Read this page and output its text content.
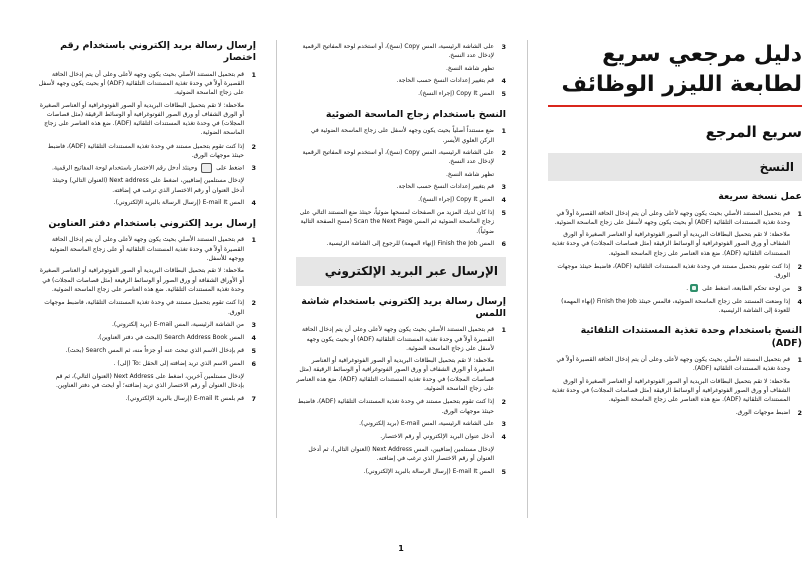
دليل مرجعي سريع لطابعة الليزر الوظائف
سريع المرجع
النسخ
عمل نسخة سريعة
1
قم بتحميل المستند الأصلي بحيث يكون وجهه لأعلى وعلى أن يتم إدخال الحافة القصيرة أولاً في وحدة تغذية المستندات التلقائية (ADF) أو بحيث يكون وجهه لأسفل على زجاج الماسحة الضوئية.
ملاحظة: لا تقم بتحميل البطاقات البريدية أو الصور الفوتوغرافية أو العناصر الصغيرة أو الورق الشفاف أو ورق الصور الفوتوغرافية أو الوسائط الرقيقة (مثل قصاصات المجلات) في وحدة تغذية المستندات التلقائية (ADF). ضع هذه العناصر على زجاج الماسحة الضوئية.
2
إذا كنت تقوم بتحميل مستند في وحدة تغذية المستندات التلقائية (ADF)، فاضبط حينئذ موجهات الورق.
3
من لوحة تحكم الطابعة، اضغط على .
4
إذا وضعت المستند على زجاج الماسحة الضوئية، فالمس حينئذ Finish the Job (إنهاء المهمة) للعودة إلى الشاشة الرئيسية.
النسخ باستخدام وحدة تغذية المستندات التلقائية (ADF)
1
قم بتحميل المستند الأصلي بحيث يكون وجهه لأعلى وعلى أن يتم إدخال الحافة القصيرة أولاً في وحدة تغذية المستندات التلقائية (ADF).
ملاحظة: لا تقم بتحميل البطاقات البريدية أو الصور الفوتوغرافية أو العناصر الصغيرة أو الورق الشفاف أو ورق الصور الفوتوغرافية أو الوسائط الرقيقة (مثل قصاصات المجلات) في وحدة تغذية المستندات التلقائية (ADF). ضع هذه العناصر على زجاج الماسحة الضوئية.
2
اضبط موجهات الورق.
3
على الشاشة الرئيسية، المس Copy (نسخ)، أو استخدم لوحة المفاتيح الرقمية لإدخال عدد النسخ.
تظهر شاشة النسخ.
4
قم بتغيير إعدادات النسخ حسب الحاجة.
5
المس Copy It (إجراء النسخ).
النسخ باستخدام زجاج الماسحة الضوئية
1
ضع مستنداً أصلياً بحيث يكون وجهه لأسفل على زجاج الماسحة الضوئية في الركن العلوي الأيسر.
2
على الشاشة الرئيسية، المس Copy (نسخ)، أو استخدم لوحة المفاتيح الرقمية لإدخال عدد النسخ.
تظهر شاشة النسخ.
3
قم بتغيير إعدادات النسخ حسب الحاجة.
4
المس Copy It (إجراء النسخ).
5
إذا كان لديك المزيد من الصفحات لمسحها ضوئياً، حينئذ ضع المستند التالي على زجاج الماسحة الضوئية ثم المس Scan the Next Page (مسح الصفحة التالية ضوئياً).
6
المس Finish the Job (إنهاء المهمة) للرجوع إلى الشاشة الرئيسية.
الإرسال عبر البريد الإلكتروني
إرسال رسالة بريد إلكتروني باستخدام شاشة اللمس
1
قم بتحميل المستند الأصلي بحيث يكون وجهه لأعلى وعلى أن يتم إدخال الحافة القصيرة أولاً في وحدة تغذية المستندات التلقائية (ADF) أو بحيث يكون وجهه لأسفل على زجاج الماسحة الضوئية.
ملاحظة: لا تقم بتحميل البطاقات البريدية أو الصور الفوتوغرافية أو العناصر الصغيرة أو الورق الشفاف أو ورق الصور الفوتوغرافية أو الوسائط الرقيقة (مثل قصاصات المجلات) في وحدة تغذية المستندات التلقائية (ADF). ضع هذه العناصر على زجاج الماسحة الضوئية.
2
إذا كنت تقوم بتحميل مستند في وحدة تغذية المستندات التلقائية (ADF)، فاضبط حينئذ موجهات الورق.
3
على الشاشة الرئيسية، المس E-mail (بريد إلكتروني).
4
أدخل عنوان البريد الإلكتروني أو رقم الاختصار.
لإدخال مستلمين إضافيين، المس Next Address (العنوان التالي)، ثم أدخل العنوان أو رقم الاختصار الذي ترغب في إضافته.
5
المس E-mail It (إرسال الرسالة بالبريد الإلكتروني).
إرسال رسالة بريد إلكتروني باستخدام رقم اختصار
1
قم بتحميل المستند الأصلي بحيث يكون وجهه لأعلى وعلى أن يتم إدخال الحافة القصيرة أولاً في وحدة تغذية المستندات التلقائية (ADF) أو بحيث يكون وجهه لأسفل على زجاج الماسحة الضوئية.
ملاحظة: لا تقم بتحميل البطاقات البريدية أو الصور الفوتوغرافية أو العناصر الصغيرة أو الورق الشفاف أو ورق الصور الفوتوغرافية أو الوسائط الرقيقة (مثل قصاصات المجلات) في وحدة تغذية المستندات التلقائية (ADF). ضع هذه العناصر على زجاج الماسحة الضوئية.
2
إذا كنت تقوم بتحميل مستند في وحدة تغذية المستندات التلقائية (ADF)، فاضبط حينئذ موجهات الورق.
3
اضغط على  وحينئذ أدخل رقم الاختصار باستخدام لوحة المفاتيح الرقمية.
لإدخال مستلمين إضافيين، اضغط على Next address (العنوان التالي) وحينئذ أدخل العنوان أو رقم الاختصار الذي ترغب في إضافته.
4
المس E-mail It (إرسال الرسالة بالبريد الإلكتروني).
إرسال بريد إلكتروني باستخدام دفتر العناوين
1
قم بتحميل المستند الأصلي بحيث يكون وجهه لأعلى وعلى أن يتم إدخال الحافة القصيرة أولاً في وحدة تغذية المستندات التلقائية أو على زجاج الماسحة الضوئية ووجهه للأسفل.
ملاحظة: لا تقم بتحميل البطاقات البريدية أو الصور الفوتوغرافية أو العناصر الصغيرة أو الأوراق الشفافة أو ورق الصور أو الوسائط الرفيعة (مثل قصاصات المجلات) في وحدة تغذية المستندات التلقائية. ضع هذه العناصر على زجاج الماسحة الضوئية.
2
إذا كنت تقوم بتحميل مستند في وحدة تغذية المستندات التلقائية، فاضبط موجهات الورق.
3
من الشاشة الرئيسية، المس E-mail (بريد إلكتروني).
4
المس Search Address Book (البحث في دفتر العناوين).
5
قم بإدخال الاسم الذي تبحث عنه أو جزءاً منه، ثم المس Search (بحث).
6
المس الاسم الذي تريد إضافته إلى الحقل :To (إلى) .
لإدخال مستلمين آخرين، اضغط على Next Address (العنوان التالي)، ثم قم بإدخال العنوان أو رقم الاختصار الذي تريد إضافته؛ أو ابحث في دفتر العناوين.
7
قم بلمس E-mail It (إرسال بالبريد الإلكتروني).
1
